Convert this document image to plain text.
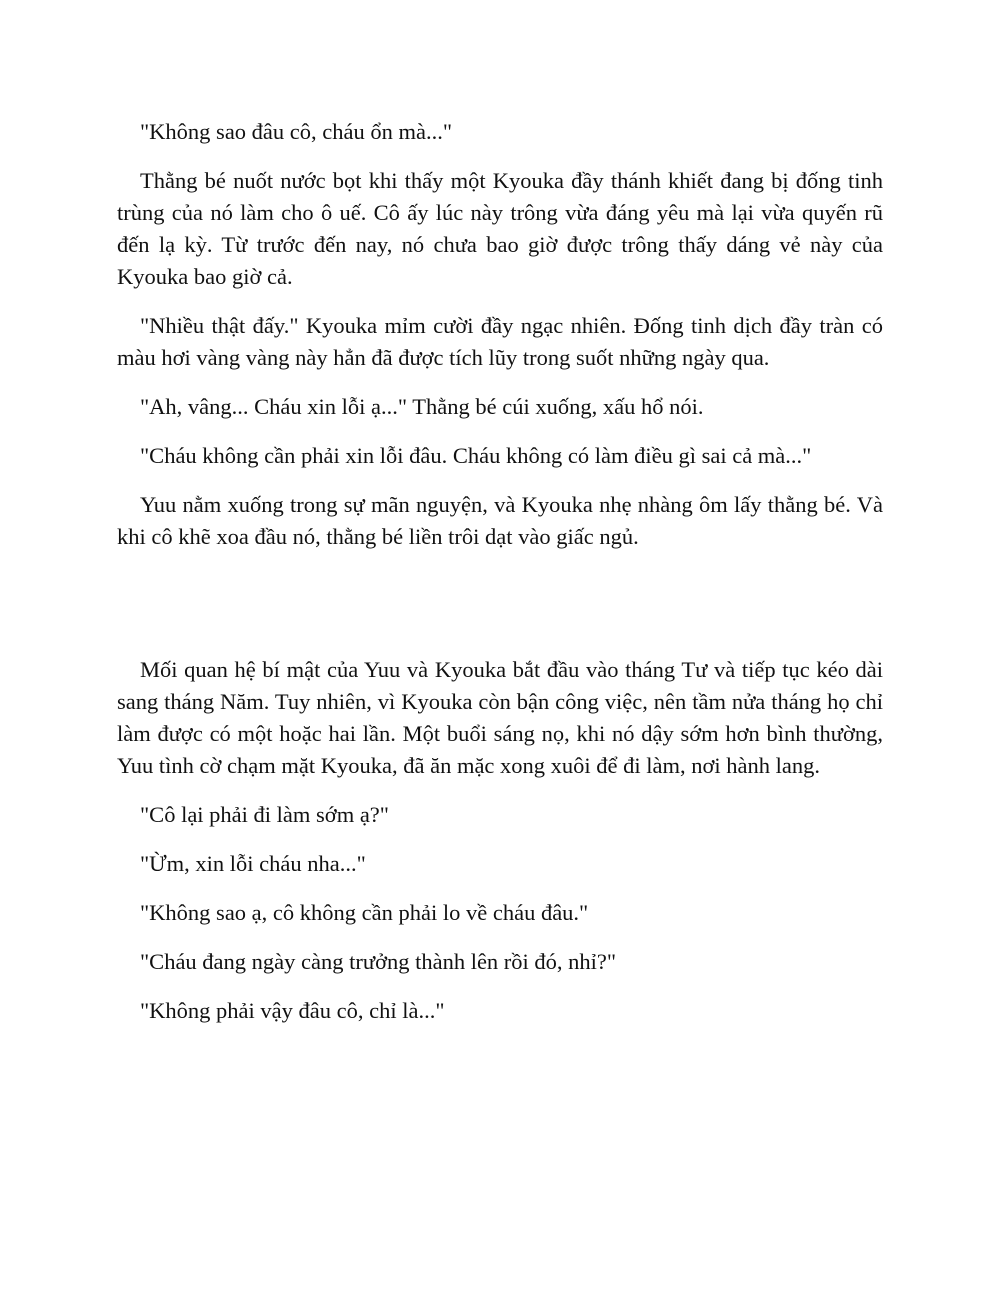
"Không sao đâu cô, cháu ổn mà..."

Thằng bé nuốt nước bọt khi thấy một Kyouka đầy thánh khiết đang bị đống tinh trùng của nó làm cho ô uế. Cô ấy lúc này trông vừa đáng yêu mà lại vừa quyến rũ đến lạ kỳ. Từ trước đến nay, nó chưa bao giờ được trông thấy dáng vẻ này của Kyouka bao giờ cả.

"Nhiều thật đấy." Kyouka mỉm cười đầy ngạc nhiên. Đống tinh dịch đầy tràn có màu hơi vàng vàng này hẳn đã được tích lũy trong suốt những ngày qua.

"Ah, vâng... Cháu xin lỗi ạ..." Thằng bé cúi xuống, xấu hổ nói.

"Cháu không cần phải xin lỗi đâu. Cháu không có làm điều gì sai cả mà..."

Yuu nằm xuống trong sự mãn nguyện, và Kyouka nhẹ nhàng ôm lấy thằng bé. Và khi cô khẽ xoa đầu nó, thằng bé liền trôi dạt vào giấc ngủ.

Mối quan hệ bí mật của Yuu và Kyouka bắt đầu vào tháng Tư và tiếp tục kéo dài sang tháng Năm. Tuy nhiên, vì Kyouka còn bận công việc, nên tầm nửa tháng họ chỉ làm được có một hoặc hai lần. Một buổi sáng nọ, khi nó dậy sớm hơn bình thường, Yuu tình cờ chạm mặt Kyouka, đã ăn mặc xong xuôi để đi làm, nơi hành lang.

"Cô lại phải đi làm sớm ạ?"

"Ừm, xin lỗi cháu nha..."

"Không sao ạ, cô không cần phải lo về cháu đâu."

"Cháu đang ngày càng trưởng thành lên rồi đó, nhỉ?"

"Không phải vậy đâu cô, chỉ là..."
